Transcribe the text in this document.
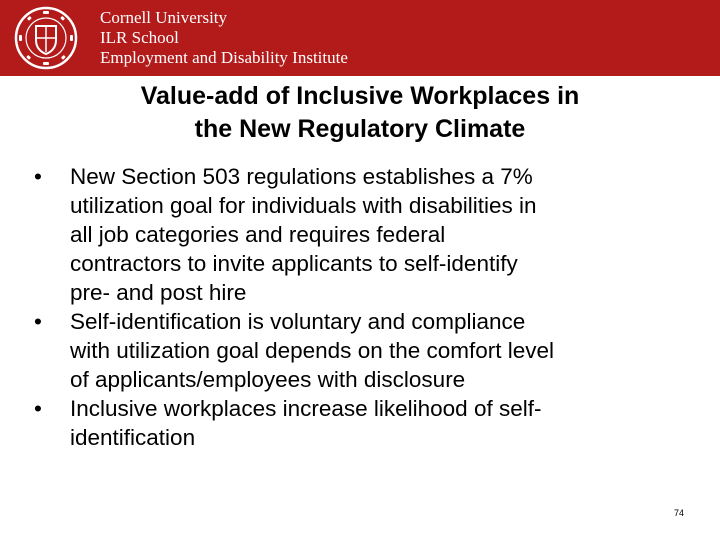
Cornell University
ILR School
Employment and Disability Institute
Value-add of Inclusive Workplaces in
the New Regulatory Climate
• New Section 503 regulations establishes a 7%
utilization goal for individuals with disabilities in
all job categories and requires federal
contractors to invite applicants to self-identify
pre- and post hire
• Self-identification is voluntary and compliance
with utilization goal depends on the comfort level
of applicants/employees with disclosure
• Inclusive workplaces increase likelihood of self-
identification
74
